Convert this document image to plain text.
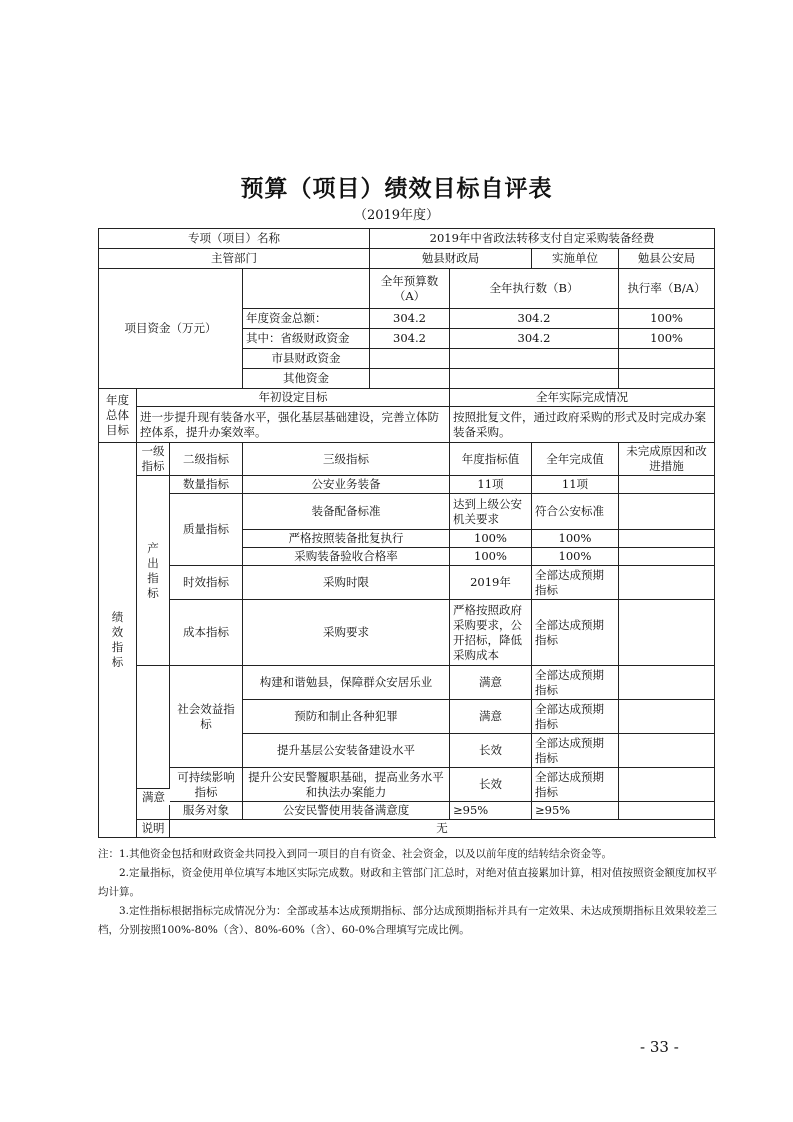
预算（项目）绩效目标自评表
（2019年度）
专项（项目）名称				2019年中省政法转移支付自定采购装备经费			
主管部门				勉县财政局		实施单位	勉县公安局
项目资金（万元）				全年预算数（A）	全年执行数（B）		执行率（B/A）
			年度资金总额：	304.2	304.2		100%
			其中：省级财政资金	304.2	304.2		100%
			市县财政资金				
			其他资金				
年度总体目标	年初设定目标				全年实际完成情况		
	进一步提升现有装备水平，强化基层基础建设，完善立体防控体系，提升办案效率。				按照批复文件，通过政府采购的形式及时完成办案装备采购。		
绩效指标	一级指标	二级指标	三级指标		年度指标值	全年完成值	未完成原因和改进措施
	产出指标	数量指标	公安业务装备		11项	11项	
		质量指标	装备配备标准		达到上级公安机关要求	符合公安标准	
			严格按照装备批复执行		100%	100%	
			采购装备验收合格率		100%	100%	
		时效指标	采购时限		2019年	全部达成预期指标	
		成本指标	采购要求		严格按照政府采购要求，公开招标，降低采购成本	全部达成预期指标	
		社会效益指标	构建和谐勉县，保障群众安居乐业		满意	全部达成预期指标	
			预防和制止各种犯罪		满意	全部达成预期指标	
			提升基层公安装备建设水平		长效	全部达成预期指标	
		可持续影响指标	提升公安民警履职基础，提高业务水平和执法办案能力		长效	全部达成预期指标	
		服务对象	公安民警使用装备满意度		≥95%	≥95%	
	说明	无					
满意

注：1.其他资金包括和财政资金共同投入到同一项目的自有资金、社会资金，以及以前年度的结转结余资金等。

2.定量指标，资金使用单位填写本地区实际完成数。财政和主管部门汇总时，对绝对值直接累加计算，相对值按照资金额度加权平均计算。

3.定性指标根据指标完成情况分为：全部或基本达成预期指标、部分达成预期指标并具有一定效果、未达成预期指标且效果较差三档，分别按照100%-80%（含）、80%-60%（含）、60-0%合理填写完成比例。

- 33 -
